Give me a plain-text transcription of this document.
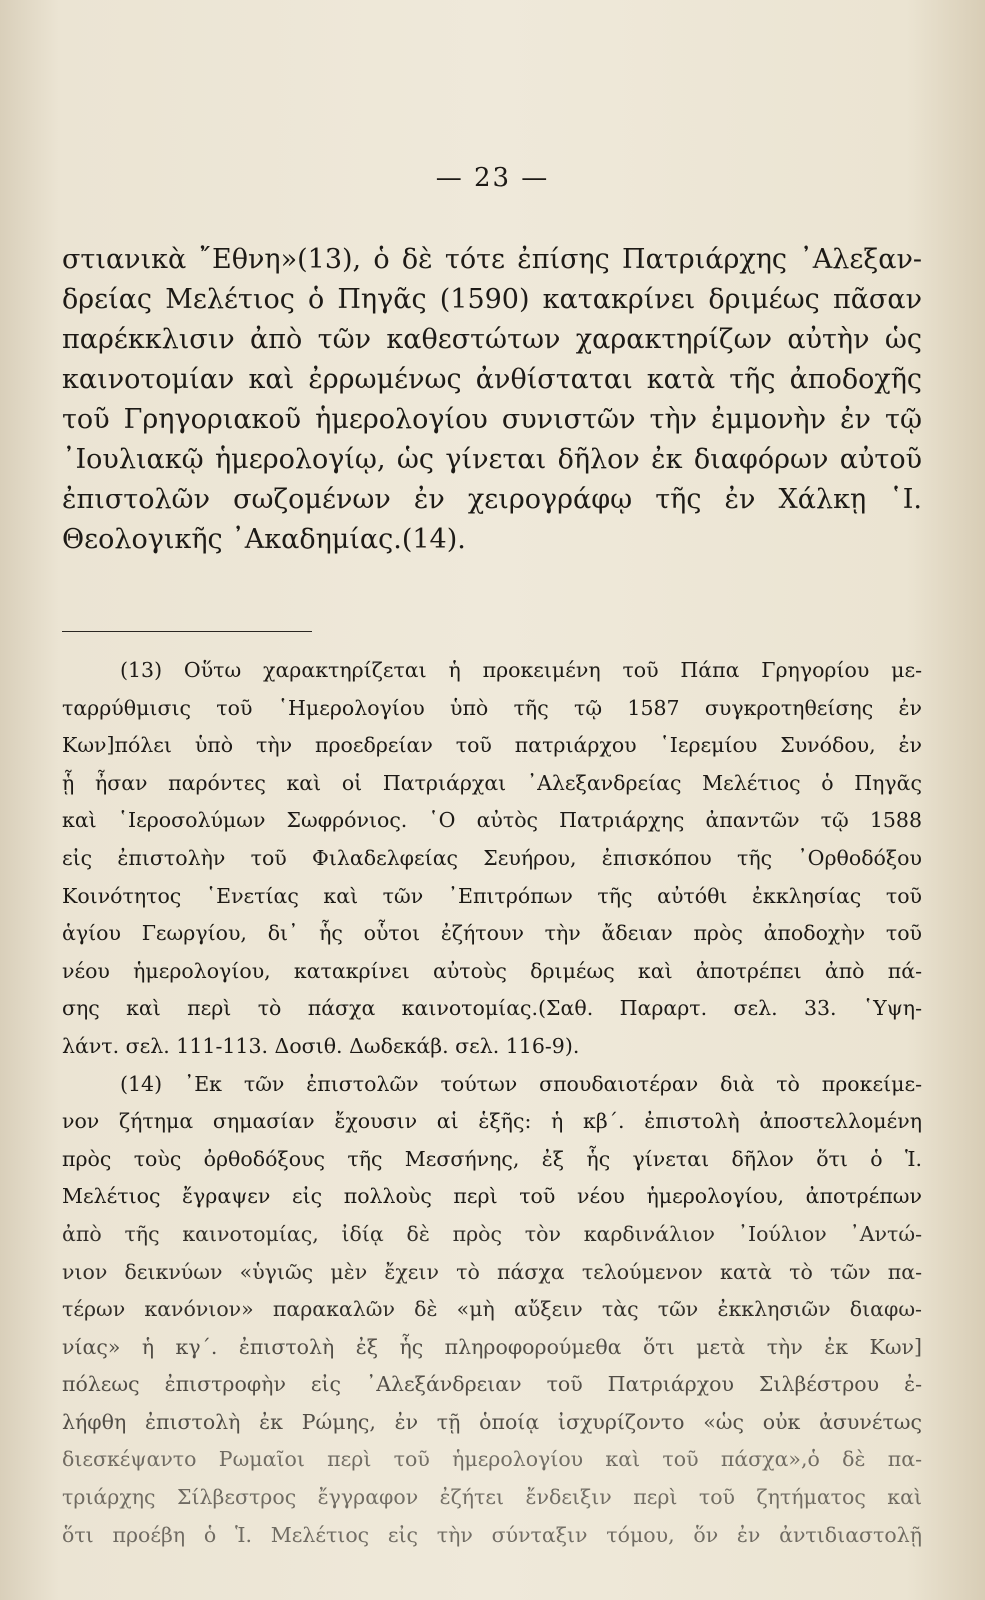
— 23 —
στιανικὰ ῎Εθνη»(13), ὁ δὲ τότε ἐπίσης Πατριάρχης ᾿Αλεξαν-
δρείας Μελέτιος ὁ Πηγᾶς (1590) κατακρίνει δριμέως πᾶσαν
παρέκκλισιν ἀπὸ τῶν καθεστώτων χαρακτηρίζων αὐτὴν ὡς
καινοτομίαν καὶ ἐρρωμένως ἀνθίσταται κατὰ τῆς ἀποδοχῆς
τοῦ Γρηγοριακοῦ ἡμερολογίου συνιστῶν τὴν ἐμμονὴν ἐν τῷ
᾿Ιουλιακῷ ἡμερολογίῳ, ὡς γίνεται δῆλον ἐκ διαφόρων αὐτοῦ
ἐπιστολῶν σωζομένων ἐν χειρογράφῳ τῆς ἐν Χάλκῃ ῾Ι.
Θεολογικῆς ᾿Ακαδημίας.(14).
(13) Οὕτω χαρακτηρίζεται ἡ προκειμένη τοῦ Πάπα Γρηγορίου με-
ταρρύθμισις τοῦ ῾Ημερολογίου ὑπὸ τῆς τῷ 1587 συγκροτηθείσης ἐν
Κων]πόλει ὑπὸ τὴν προεδρείαν τοῦ πατριάρχου ῾Ιερεμίου Συνόδου, ἐν
ᾗ ἦσαν παρόντες καὶ οἱ Πατριάρχαι ᾿Αλεξανδρείας Μελέτιος ὁ Πηγᾶς
καὶ ῾Ιεροσολύμων Σωφρόνιος. ῾Ο αὐτὸς Πατριάρχης ἀπαντῶν τῷ 1588
εἰς ἐπιστολὴν τοῦ Φιλαδελφείας Σευήρου, ἐπισκόπου τῆς ᾿Ορθοδόξου
Κοινότητος ῾Ενετίας καὶ τῶν ᾿Επιτρόπων τῆς αὐτόθι ἐκκλησίας τοῦ
ἁγίου Γεωργίου, δι᾿ ἧς οὗτοι ἐζήτουν τὴν ἄδειαν πρὸς ἀποδοχὴν τοῦ
νέου ἡμερολογίου, κατακρίνει αὐτοὺς δριμέως καὶ ἀποτρέπει ἀπὸ πά-
σης καὶ περὶ τὸ πάσχα καινοτομίας.(Σαθ. Παραρτ. σελ. 33. ῾Υψη-
λάντ. σελ. 111-113. Δοσιθ. Δωδεκάβ. σελ. 116-9).
(14) ᾿Εκ τῶν ἐπιστολῶν τούτων σπουδαιοτέραν διὰ τὸ προκείμε-
νον ζήτημα σημασίαν ἔχουσιν αἱ ἑξῆς: ἡ κβ΄. ἐπιστολὴ ἀποστελλομένη
πρὸς τοὺς ὀρθοδόξους τῆς Μεσσήνης, ἐξ ἧς γίνεται δῆλον ὅτι ὁ Ἱ.
Μελέτιος ἔγραψεν εἰς πολλοὺς περὶ τοῦ νέου ἡμερολογίου, ἀποτρέπων
ἀπὸ τῆς καινοτομίας, ἰδίᾳ δὲ πρὸς τὸν καρδινάλιον ᾿Ιούλιον ᾿Αντώ-
νιον δεικνύων «ὑγιῶς μὲν ἔχειν τὸ πάσχα τελούμενον κατὰ τὸ τῶν πα-
τέρων κανόνιον» παρακαλῶν δὲ «μὴ αὔξειν τὰς τῶν ἐκκλησιῶν διαφω-
νίας» ἡ κγ΄. ἐπιστολὴ ἐξ ἧς πληροφορούμεθα ὅτι μετὰ τὴν ἐκ Κων]
πόλεως ἐπιστροφὴν εἰς ᾿Αλεξάνδρειαν τοῦ Πατριάρχου Σιλβέστρου ἐ-
λήφθη ἐπιστολὴ ἐκ Ρώμης, ἐν τῇ ὁποίᾳ ἰσχυρίζοντο «ὡς οὐκ ἀσυνέτως
διεσκέψαντο Ρωμαῖοι περὶ τοῦ ἡμερολογίου καὶ τοῦ πάσχα»,ὁ δὲ πα-
τριάρχης Σίλβεστρος ἔγγραφον ἐζήτει ἔνδειξιν περὶ τοῦ ζητήματος καὶ
ὅτι προέβη ὁ Ἱ. Μελέτιος εἰς τὴν σύνταξιν τόμου, ὅν ἐν ἀντιδιαστολῇ
